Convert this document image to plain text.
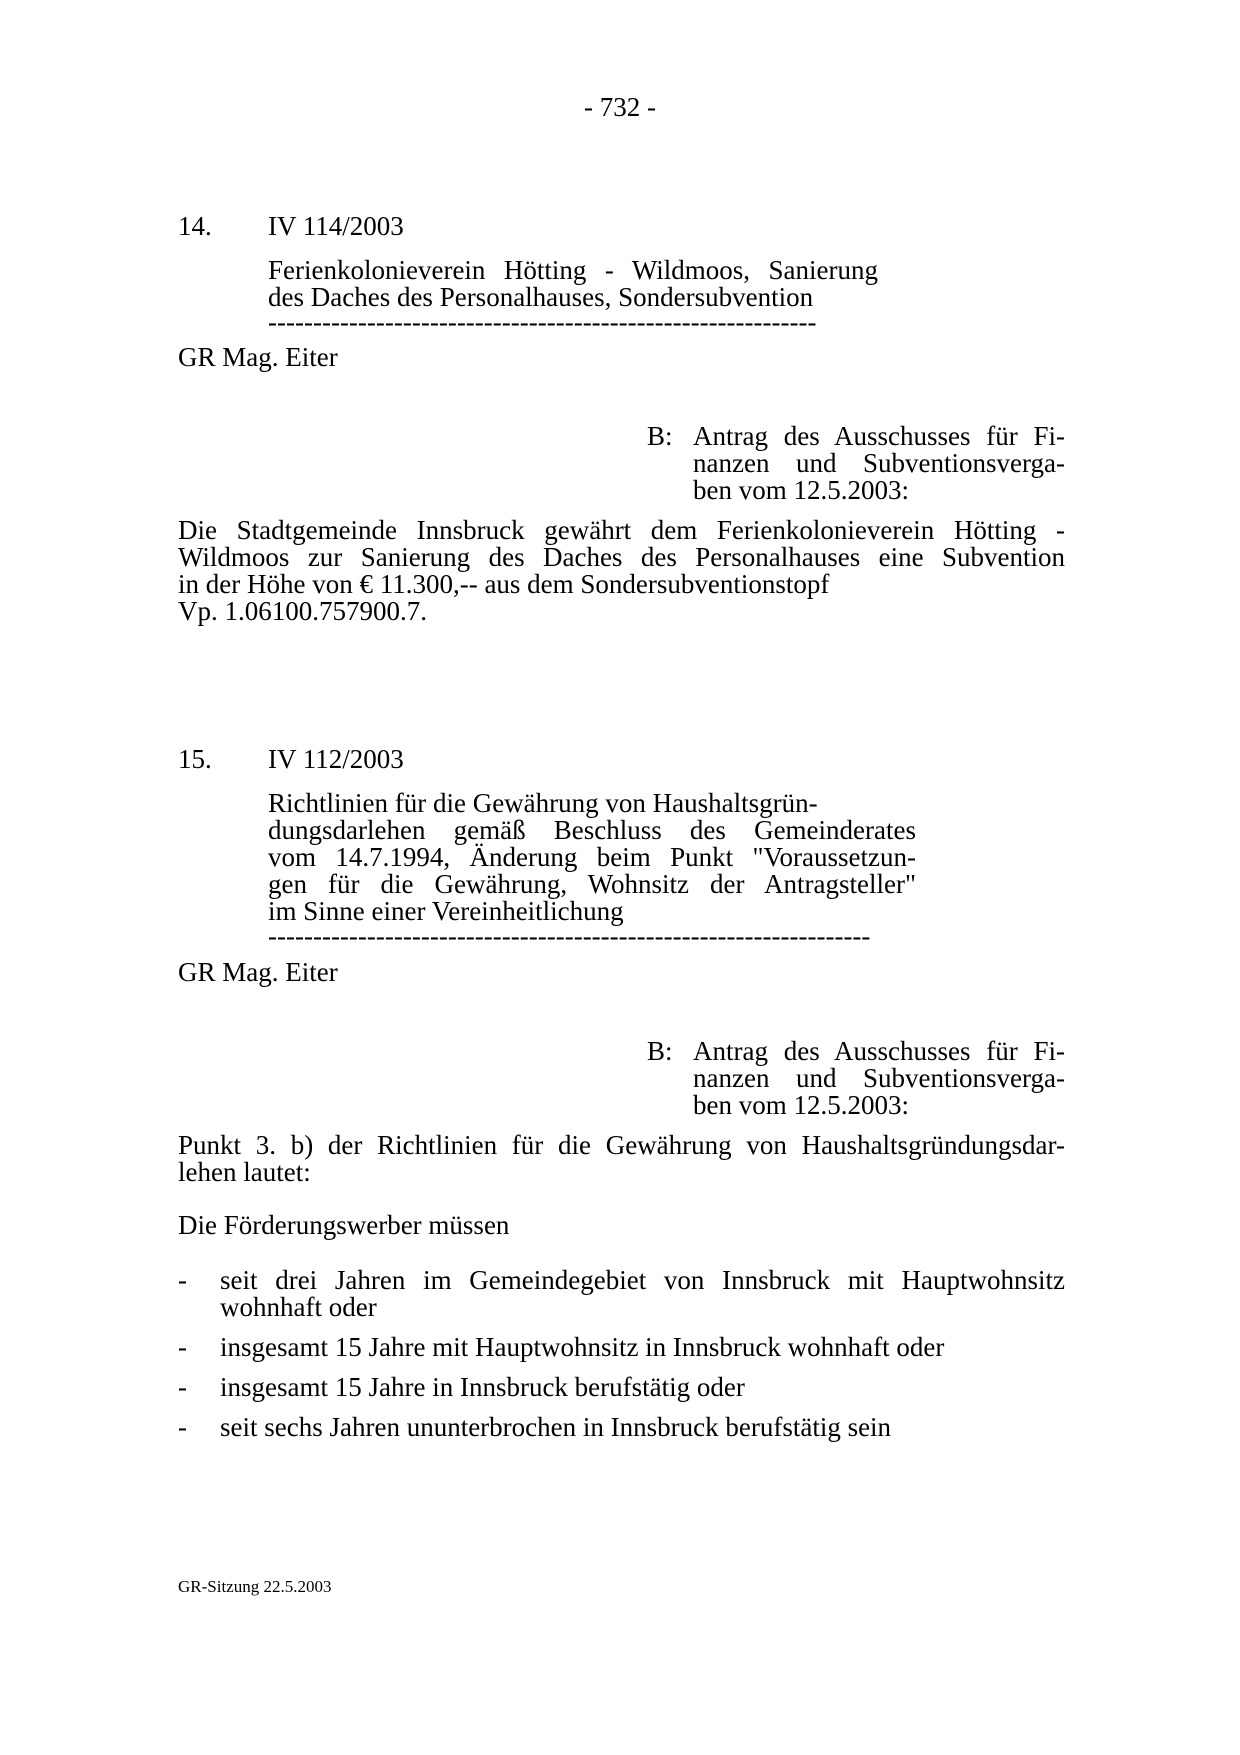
- 732 -
14. IV 114/2003
Ferienkolonieverein Hötting - Wildmoos, Sanierung
des Daches des Personalhauses, Sondersubvention
-------------------------------------------------------------
GR Mag. Eiter
B: Antrag des Ausschusses für Fi-
nanzen und Subventionsverga-
ben vom 12.5.2003:
Die Stadtgemeinde Innsbruck gewährt dem Ferienkolonieverein Hötting -
Wildmoos zur Sanierung des Daches des Personalhauses eine Subvention
in der Höhe von € 11.300,-- aus dem Sondersubventionstopf
Vp. 1.06100.757900.7.
15. IV 112/2003
Richtlinien für die Gewährung von Haushaltsgrün-
dungsdarlehen gemäß Beschluss des Gemeinderates
vom 14.7.1994, Änderung beim Punkt "Voraussetzun-
gen für die Gewährung, Wohnsitz der Antragsteller"
im Sinne einer Vereinheitlichung
-------------------------------------------------------------------
GR Mag. Eiter
B: Antrag des Ausschusses für Fi-
nanzen und Subventionsverga-
ben vom 12.5.2003:
Punkt 3. b) der Richtlinien für die Gewährung von Haushaltsgründungsdar-
lehen lautet:
Die Förderungswerber müssen
- seit drei Jahren im Gemeindegebiet von Innsbruck mit Hauptwohnsitz
wohnhaft oder
- insgesamt 15 Jahre mit Hauptwohnsitz in Innsbruck wohnhaft oder
- insgesamt 15 Jahre in Innsbruck berufstätig oder
- seit sechs Jahren ununterbrochen in Innsbruck berufstätig sein
GR-Sitzung 22.5.2003
